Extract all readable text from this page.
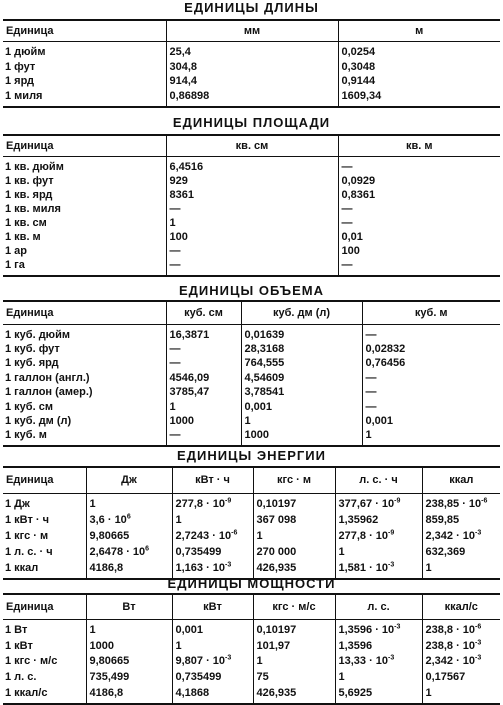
ЕДИНИЦЫ ДЛИНЫ
Единица	мм	м
1 дюйм	25,4	0,0254
1 фут	304,8	0,3048
1 ярд	914,4	0,9144
1 миля	0,86898	1609,34
ЕДИНИЦЫ ПЛОЩАДИ
Единица	кв. см	кв. м
1 кв. дюйм	6,4516	—
1 кв. фут	929	0,0929
1 кв. ярд	8361	0,8361
1 кв. миля	—	—
1 кв. см	1	—
1 кв. м	100	0,01
1 ар	—	100
1 га	—	—
ЕДИНИЦЫ ОБЪЕМА
Единица	куб. см	куб. дм (л)	куб. м
1 куб. дюйм	16,3871	0,01639	—
1 куб. фут	—	28,3168	0,02832
1 куб. ярд	—	764,555	0,76456
1 галлон (англ.)	4546,09	4,54609	—
1 галлон (амер.)	3785,47	3,78541	—
1 куб. см	1	0,001	—
1 куб. дм (л)	1000	1	0,001
1 куб. м	—	1000	1
ЕДИНИЦЫ ЭНЕРГИИ
Единица	Дж	кВт · ч	кгс · м	л. с. · ч	ккал
1 Дж	1	$277,8 \cdot 10^{-9}$	0,10197	$377,67 \cdot 10^{-9}$	$238,85 \cdot 10^{-6}$
1 кВт · ч	$3,6 \cdot 10^6$	1	367 098	1,35962	859,85
1 кгс · м	9,80665	$2,7243 \cdot 10^{-6}$	1	$277,8 \cdot 10^{-9}$	$2,342 \cdot 10^{-3}$
1 л. с. · ч	$2,6478 \cdot 10^6$	0,735499	270 000	1	632,369
1 ккал	4186,8	$1,163 \cdot 10^{-3}$	426,935	$1,581 \cdot 10^{-3}$	1
ЕДИНИЦЫ МОЩНОСТИ
Единица	Вт	кВт	кгс · м/с	л. с.	ккал/с
1 Вт	1	0,001	0,10197	$1,3596 \cdot 10^{-3}$	$238,8 \cdot 10^{-6}$
1 кВт	1000	1	101,97	1,3596	$238,8 \cdot 10^{-3}$
1 кгс · м/с	9,80665	$9,807 \cdot 10^{-3}$	1	$13,33 \cdot 10^{-3}$	$2,342 \cdot 10^{-3}$
1 л. с.	735,499	0,735499	75	1	0,17567
1 ккал/с	4186,8	4,1868	426,935	5,6925	1
